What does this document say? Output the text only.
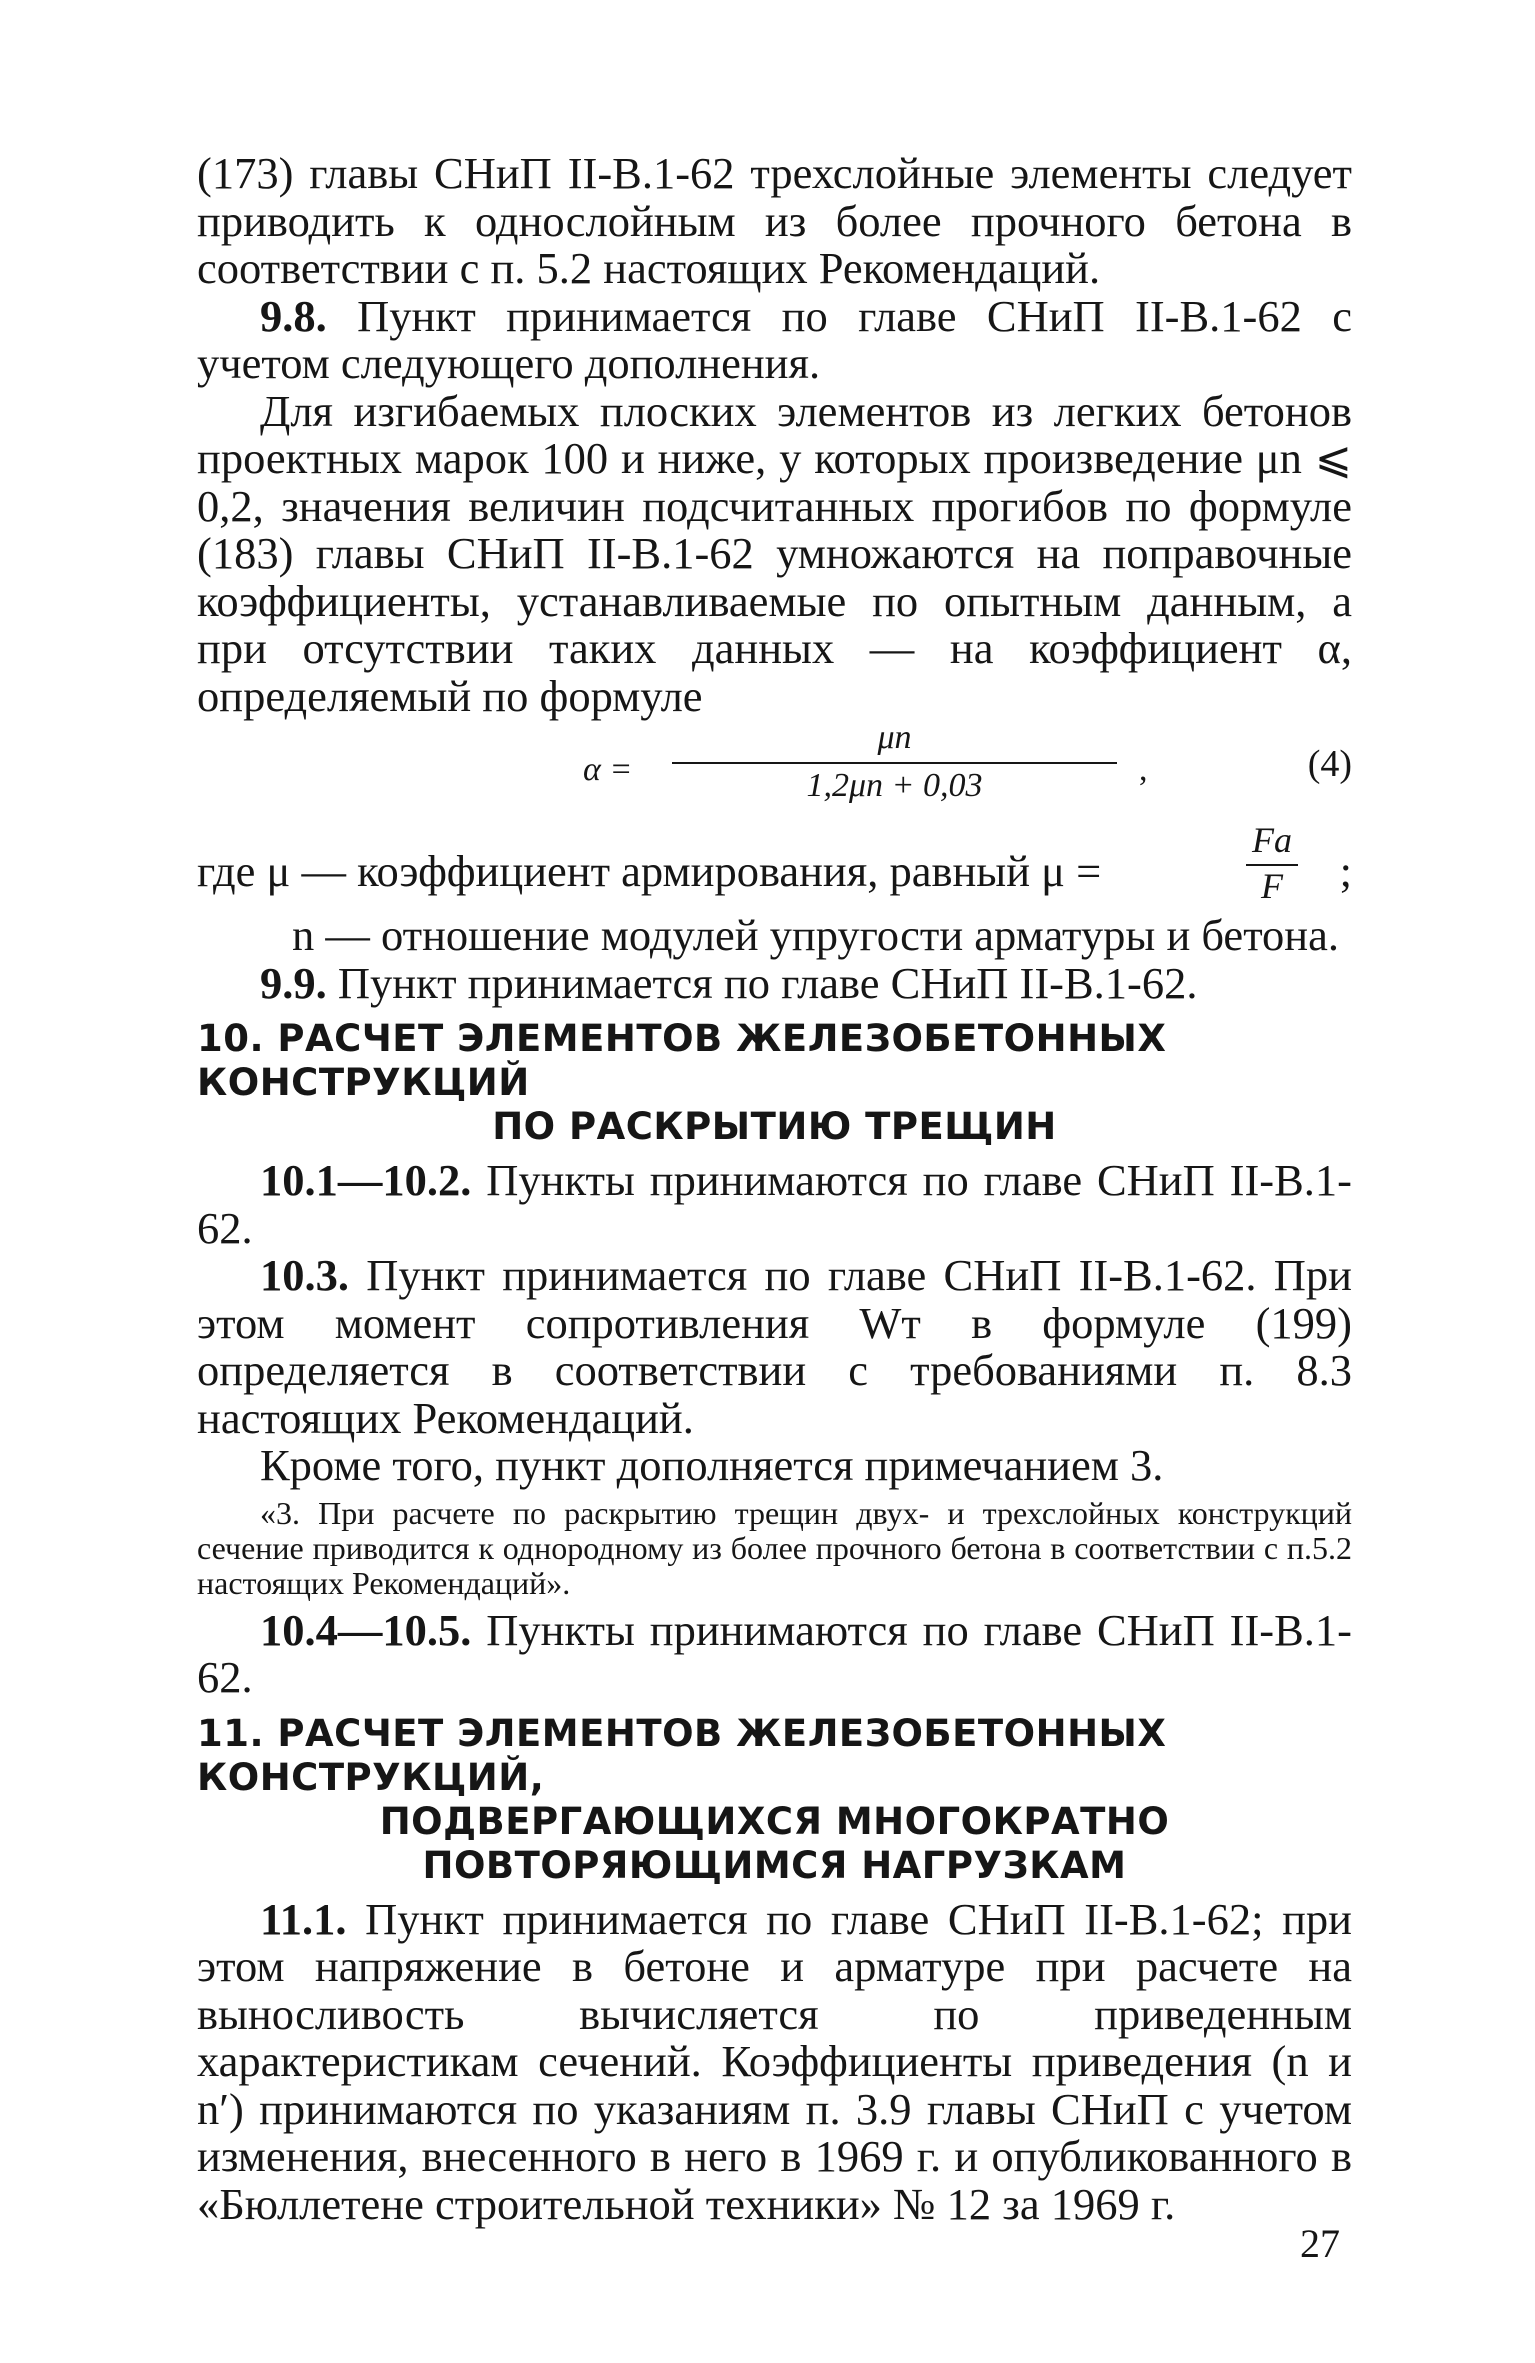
(173) главы СНиП II-В.1-62 трехслойные элементы следует приводить к однослойным из более прочного бетона в соответствии с п. 5.2 настоящих Рекомендаций.

9.8. Пункт принимается по главе СНиП II-В.1-62 с учетом следующего дополнения.

Для изгибаемых плоских элементов из легких бетонов проектных марок 100 и ниже, у которых произведение μn ⩽ 0,2, значения величин подсчитанных прогибов по формуле (183) главы СНиП II-В.1-62 умножаются на поправочные коэффициенты, устанавливаемые по опытным данным, а при отсутствии таких данных — на коэффициент α, определяемый по формуле

$\alpha = \frac{\mu n}{1,2\mu n + 0,03}$ ,	(4)
где μ — коэффициент армирования, равный μ =	$\frac{Fa}{F}$ ;

n — отношение модулей упругости арматуры и бетона.

9.9. Пункт принимается по главе СНиП II-В.1-62.

10. РАСЧЕТ ЭЛЕМЕНТОВ ЖЕЛЕЗОБЕТОННЫХ КОНСТРУКЦИЙ
ПО РАСКРЫТИЮ ТРЕЩИН

10.1—10.2. Пункты принимаются по главе СНиП II-В.1-62.

10.3. Пункт принимается по главе СНиП II-В.1-62. При этом момент сопротивления Wт в формуле (199) определяется в соответствии с требованиями п. 8.3 настоящих Рекомендаций.

Кроме того, пункт дополняется примечанием 3.

«3. При расчете по раскрытию трещин двух- и трехслойных конструкций сечение приводится к однородному из более прочного бетона в соответствии с п.5.2 настоящих Рекомендаций».

10.4—10.5. Пункты принимаются по главе СНиП II-В.1-62.

11. РАСЧЕТ ЭЛЕМЕНТОВ ЖЕЛЕЗОБЕТОННЫХ КОНСТРУКЦИЙ,
ПОДВЕРГАЮЩИХСЯ МНОГОКРАТНО
ПОВТОРЯЮЩИМСЯ НАГРУЗКАМ

11.1. Пункт принимается по главе СНиП II-В.1-62; при этом напряжение в бетоне и арматуре при расчете на выносливость вычисляется по приведенным характеристикам сечений. Коэффициенты приведения (n и n′) принимаются по указаниям п. 3.9 главы СНиП с учетом изменения, внесенного в него в 1969 г. и опубликованного в «Бюллетене строительной техники» № 12 за 1969 г.

27
